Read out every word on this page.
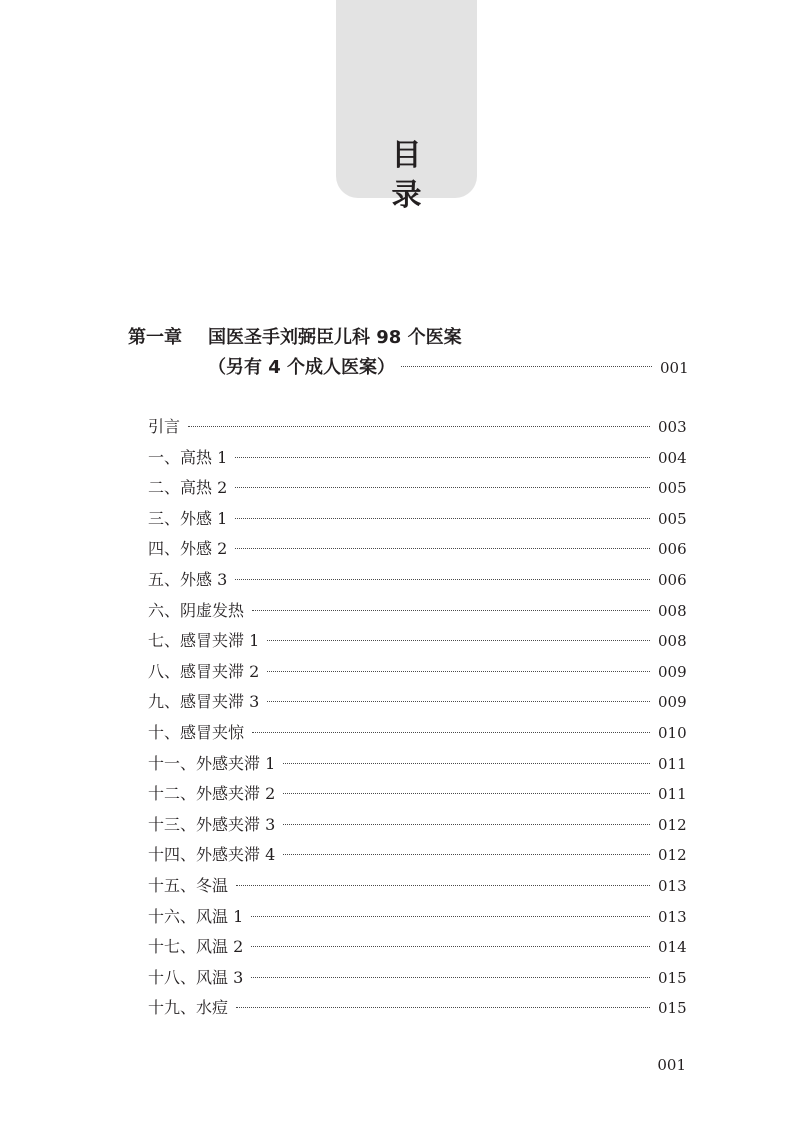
目 录
第一章	国医圣手刘弼臣儿科 98 个医案
（另有 4 个成人医案）	001
引言	003
一、高热 1	004
二、高热 2	005
三、外感 1	005
四、外感 2	006
五、外感 3	006
六、阴虚发热	008
七、感冒夹滞 1	008
八、感冒夹滞 2	009
九、感冒夹滞 3	009
十、感冒夹惊	010
十一、外感夹滞 1	011
十二、外感夹滞 2	011
十三、外感夹滞 3	012
十四、外感夹滞 4	012
十五、冬温	013
十六、风温 1	013
十七、风温 2	014
十八、风温 3	015
十九、水痘	015
001
